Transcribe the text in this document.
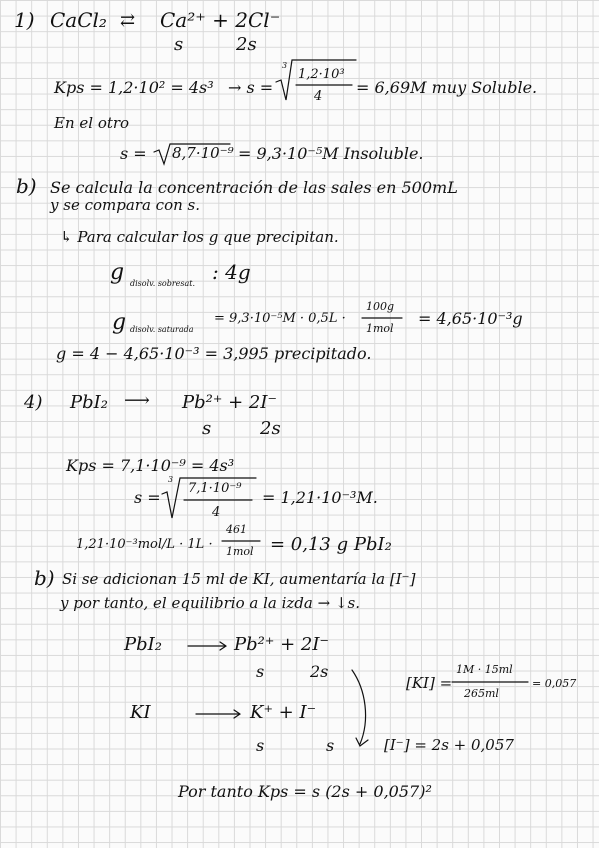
1) CaCl₂ ⇄ Ca²⁺ + 2Cl⁻
s	2s
Kps = 1,2·10² = 4s³ → s =
3
1,2·10³
4 = 6,69M muy Soluble.
En el otro
s = 8,7·10⁻⁹ = 9,3·10⁻⁵M Insoluble.
b) Se calcula la concentración de las sales en 500mL
y se compara con s.
↳ Para calcular los g que precipitan.
g disolv. sobresat. : 4g
g disolv. saturada
= 9,3·10⁻⁵M · 0,5L ·
100g
1mol
= 4,65·10⁻³g
g = 4 − 4,65·10⁻³ = 3,995 precipitado.
4) PbI₂ ⟶ Pb²⁺ + 2I⁻
s	2s
Kps = 7,1·10⁻⁹ = 4s³
s =
3
7,1·10⁻⁹
4
= 1,21·10⁻³M.
1,21·10⁻³mol/L · 1L ·
461
1mol = 0,13 g PbI₂
b) Si se adicionan 15 ml de KI, aumentaría la [I⁻]
y por tanto, el equilibrio a la izda → ↓s.
PbI₂	Pb²⁺ + 2I⁻
s	2s
[KI] =
1M · 15ml
265ml
= 0,057
KI	K⁺ + I⁻
s	s	[I⁻] = 2s + 0,057
Por tanto Kps = s (2s + 0,057)²
